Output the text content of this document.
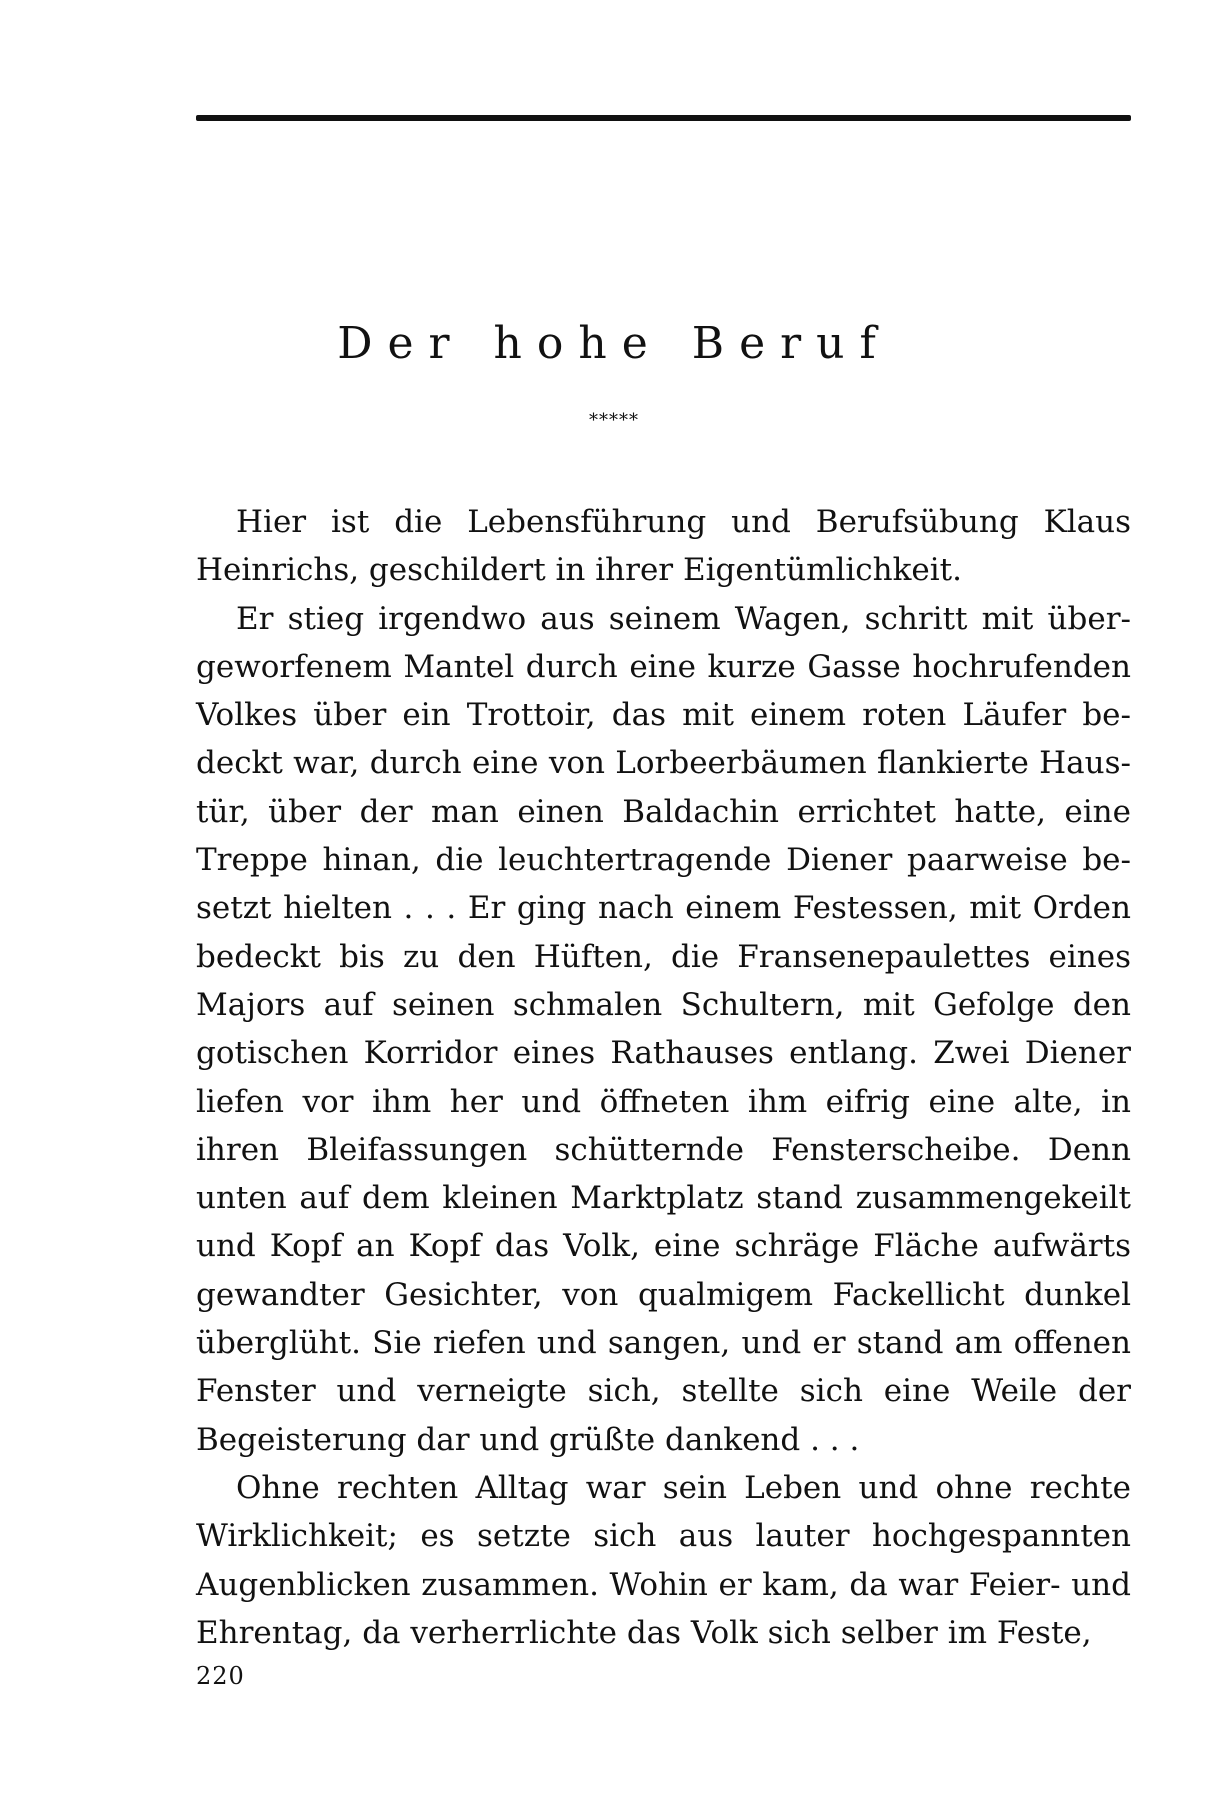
Der hohe Beruf
*****

Hier ist die Lebensführung und Berufsübung Klaus Heinrichs, geschildert in ihrer Eigentümlichkeit.

Er stieg irgendwo aus seinem Wagen, schritt mit übergeworfenem Mantel durch eine kurze Gasse hochrufenden Volkes über ein Trottoir, das mit einem roten Läufer bedeckt war, durch eine von Lorbeerbäumen flankierte Haustür, über der man einen Baldachin errichtet hatte, eine Treppe hinan, die leuchtertragende Diener paarweise besetzt hielten . . . Er ging nach einem Festessen, mit Orden bedeckt bis zu den Hüften, die Fransenepaulettes eines Majors auf seinen schmalen Schultern, mit Gefolge den gotischen Korridor eines Rathauses entlang. Zwei Diener liefen vor ihm her und öffneten ihm eifrig eine alte, in ihren Bleifassungen schütternde Fensterscheibe. Denn unten auf dem kleinen Marktplatz stand zusammengekeilt und Kopf an Kopf das Volk, eine schräge Fläche aufwärts gewandter Gesichter, von qualmigem Fackellicht dunkel überglüht. Sie riefen und sangen, und er stand am offenen Fenster und verneigte sich, stellte sich eine Weile der Begeisterung dar und grüßte dankend . . .

Ohne rechten Alltag war sein Leben und ohne rechte Wirklichkeit; es setzte sich aus lauter hochgespannten Augenblicken zusammen. Wohin er kam, da war Feier- und Ehrentag, da verherrlichte das Volk sich selber im Feste,

220
